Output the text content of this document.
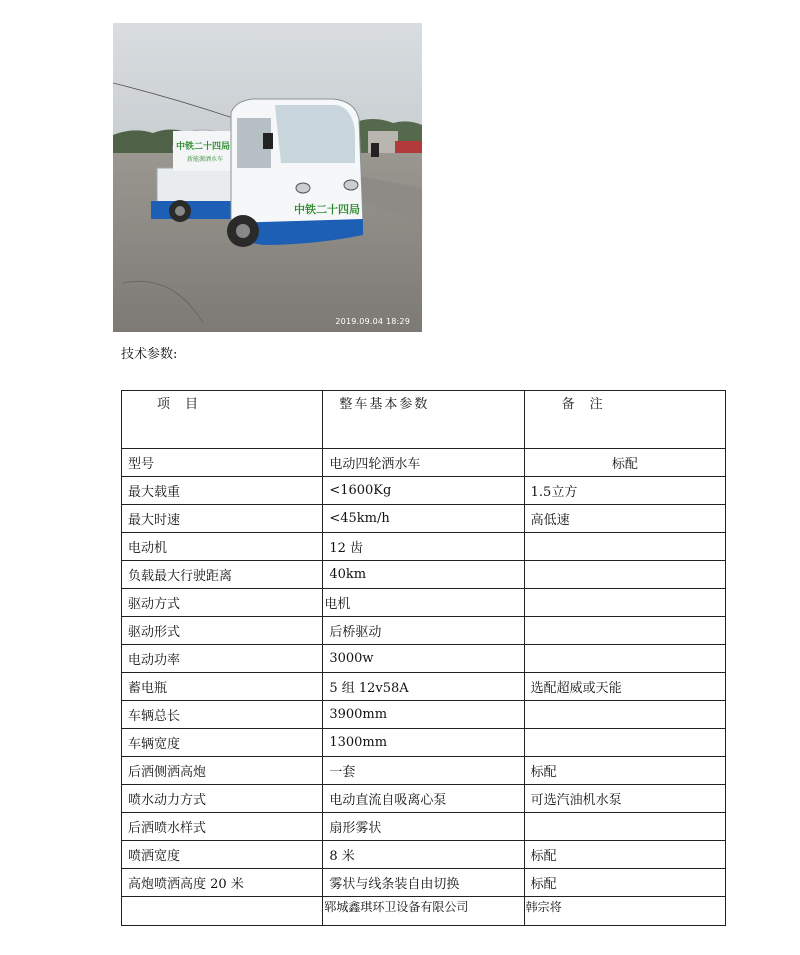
中铁二十四局
新能源洒水车
中铁二十四局
2019.09.04 18:29
技术参数:
项　目	整车基本参数	备　注
型号	电动四轮洒水车	标配
最大载重	<1600Kg	1.5立方
最大时速	<45km/h	高低速
电动机	12 齿	
负载最大行驶距离	40km	
驱动方式	电机	
驱动形式	后桥驱动	
电动功率	3000w	
蓄电瓶	5 组 12v58A	选配超威或天能
车辆总长	3900mm	
车辆宽度	1300mm	
后洒侧洒高炮	一套	标配
喷水动力方式	电动直流自吸离心泵	可选汽油机水泵
后洒喷水样式	扇形雾状	
喷洒宽度	8 米	标配
高炮喷洒高度 20 米	雾状与线条装自由切换	标配
	郓城鑫琪环卫设备有限公司	韩宗将
